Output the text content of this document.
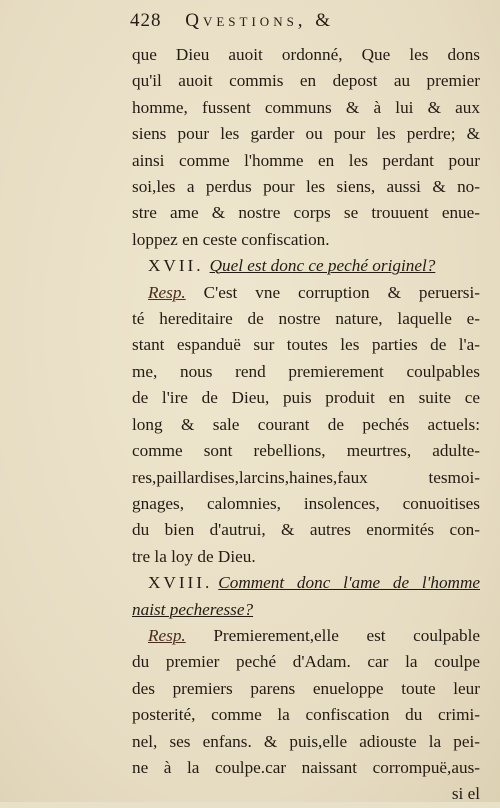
428 Qvestions, &
que Dieu auoit ordonné, Que les dons
qu'il auoit commis en depost au premier
homme, fussent communs & à lui & aux
siens pour les garder ou pour les perdre; &
ainsi comme l'homme en les perdant pour
soi,les a perdus pour les siens, aussi & no-
stre ame & nostre corps se trouuent enue-
loppez en ceste confiscation.
XVII. Quel est donc ce peché originel?
Resp. C'est vne corruption & peruersi-
té hereditaire de nostre nature, laquelle e-
stant espanduë sur toutes les parties de l'a-
me, nous rend premierement coulpables
de l'ire de Dieu, puis produit en suite ce
long & sale courant de pechés actuels:
comme sont rebellions, meurtres, adulte-
res,paillardises,larcins,haines,faux tesmoi-
gnages, calomnies, insolences, conuoitises
du bien d'autrui, & autres enormités con-
tre la loy de Dieu.
XVIII. Comment donc l'ame de l'homme
naist pecheresse?
Resp. Premierement,elle est coulpable
du premier peché d'Adam. car la coulpe
des premiers parens enueloppe toute leur
posterité, comme la confiscation du crimi-
nel, ses enfans. & puis,elle adiouste la pei-
ne à la coulpe.car naissant corrompuë,aus-
si el
